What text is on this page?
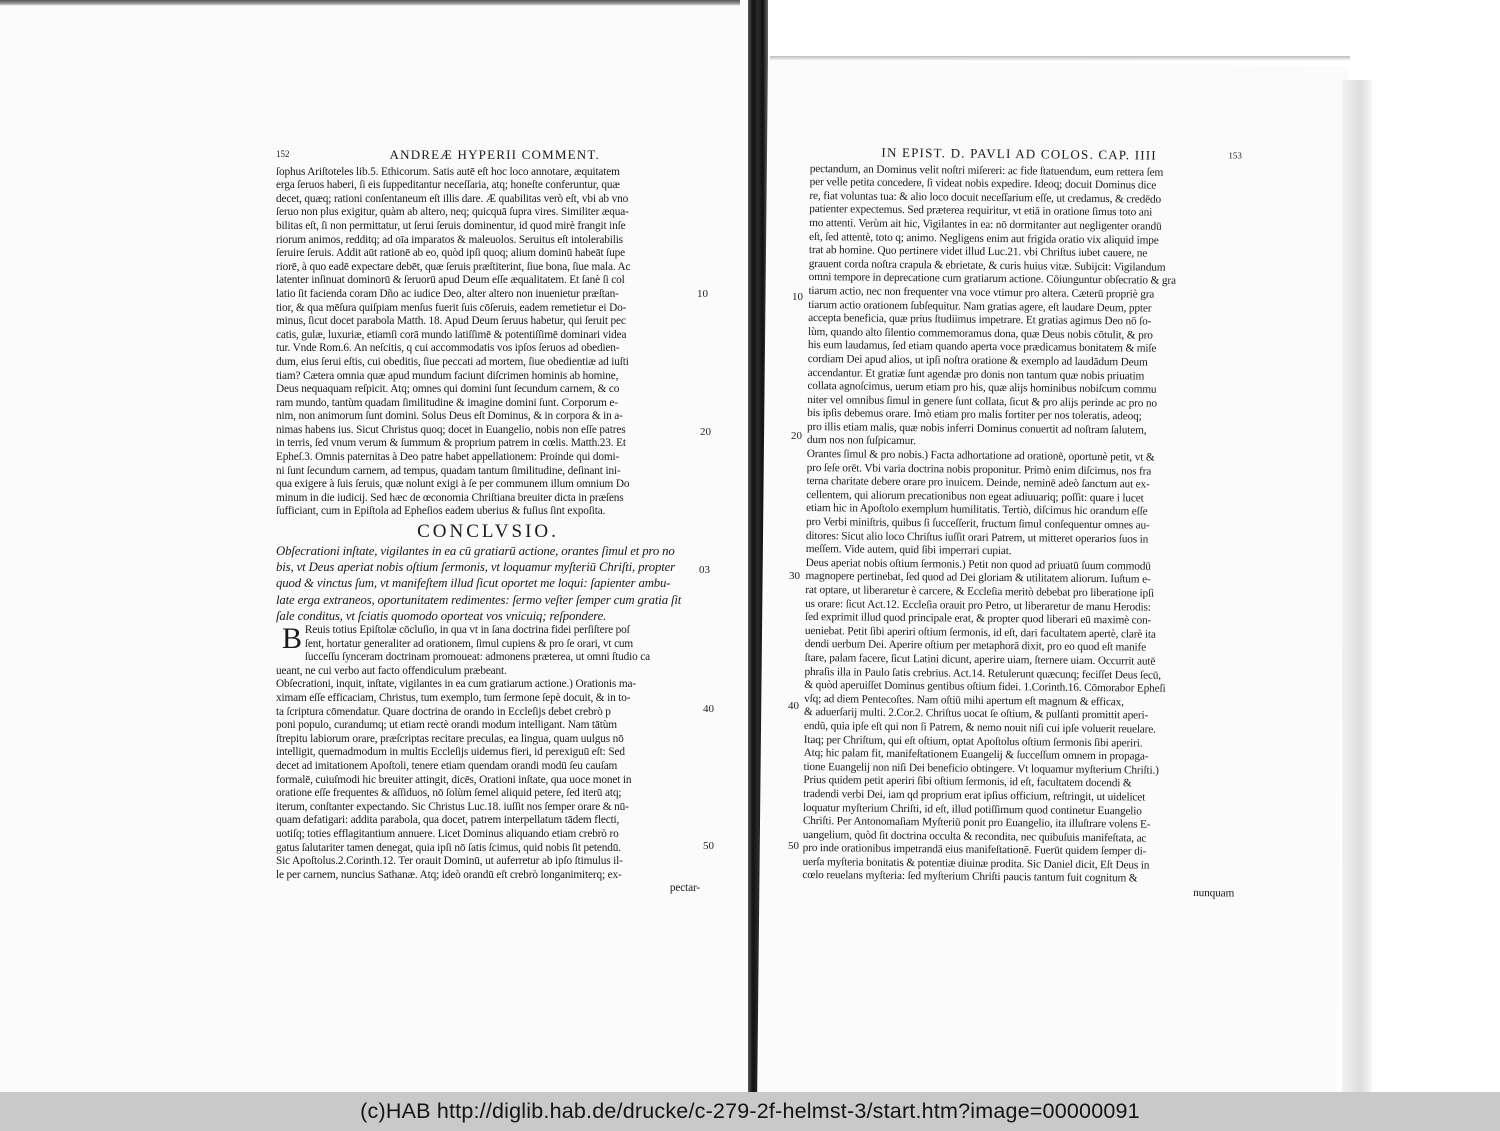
152	ANDREÆ HYPERII COMMENT.
ſophus Ariſtoteles lib.5. Ethicorum. Satis autē eſt hoc loco annotare, æquitatem
erga ſeruos haberi, ſi eis ſuppeditantur neceſſaria, atq; honeſte conferuntur, quæ
decet, quæq; rationi conſentaneum eſt illis dare. Æ quabilitas verò eſt, vbi ab vno
ſeruo non plus exigitur, quàm ab altero, neq; quicquā ſupra vires. Similiter æqua-
bilitas eſt, ſi non permittatur, ut ſerui ſeruis dominentur, id quod mirè frangit inſe
riorum animos, redditq; ad oīa imparatos & maleuolos. Seruitus eſt intolerabilis
ſeruire ſeruis. Addit aūt rationē ab eo, quòd ipſi quoq; alium dominū habeāt ſupe
riorē, à quo eadē expectare debēt, quæ ſeruis præſtiterint, ſiue bona, ſiue mala. Ac
latenter inſinuat dominorū & ſeruorū apud Deum eſſe æqualitatem. Et ſanè ſi col
latio ſit facienda coram Dño ac iudice Deo, alter altero non inuenietur præſtan-
tior, & qua mēſura quiſpiam menſus fuerit ſuis cōſeruis, eadem remetietur ei Do-
minus, ſicut docet parabola Matth. 18. Apud Deum ſeruus habetur, qui ſeruit pec
catis, gulæ, luxuriæ, etiamſi corā mundo latiſſimē & potentiſſimē dominari videa
tur. Vnde Rom.6. An neſcitis, q cui accommodatis vos ipſos ſeruos ad obedien-
dum, eius ſerui eſtis, cui obeditis, ſiue peccati ad mortem, ſiue obedientiæ ad iuſti
tiam? Cætera omnia quæ apud mundum faciunt diſcrimen hominis ab homine,
Deus nequaquam reſpicit. Atq; omnes qui domini ſunt ſecundum carnem, & co
ram mundo, tantùm quadam ſimilitudine & imagine domini ſunt. Corporum e-
nim, non animorum ſunt domini. Solus Deus eſt Dominus, & in corpora & in a-
nimas habens ius. Sicut Christus quoq; docet in Euangelio, nobis non eſſe patres
in terris, ſed vnum verum & ſummum & proprium patrem in cœlis. Matth.23. Et
Epheſ.3. Omnis paternitas à Deo patre habet appellationem: Proinde qui domi-
ni ſunt ſecundum carnem, ad tempus, quadam tantum ſimilitudine, deſinant ini-
qua exigere à ſuis ſeruis, quæ nolunt exigi à ſe per communem illum omnium Do
minum in die iudicij. Sed hæc de œconomia Chriſtiana breuiter dicta in præſens
ſufficiant, cum in Epiſtola ad Epheſios eadem uberius & fuſius ſint expoſita.
CONCLVSIO.
Obſecrationi inſtate, vigilantes in ea cū gratiarū actione, orantes ſimul et pro no
bis, vt Deus aperiat nobis oſtium ſermonis, vt loquamur myſteriū Chriſti, propter
quod & vinctus ſum, vt manifeſtem illud ſicut oportet me loqui: ſapienter ambu-
late erga extraneos, oportunitatem redimentes: ſermo veſter ſemper cum gratia ſit
ſale conditus, vt ſciatis quomodo oporteat vos vnicuiq; reſpondere.
B Reuis totius Epiſtolæ cōcluſio, in qua vt in ſana doctrina fidei perſiſtere poſ
ſent, hortatur generaliter ad orationem, ſimul cupiens & pro ſe orari, vt cum
ſucceſſu ſynceram doctrinam promoueat: admonens præterea, ut omni ſtudio ca
ueant, ne cui verbo aut facto offendiculum præbeant.
Obſecrationi, inquit, inſtate, vigilantes in ea cum gratiarum actione.) Orationis ma-
ximam eſſe efficaciam, Christus, tum exemplo, tum ſermone ſepè docuit, & in to-
ta ſcriptura cōmendatur. Quare doctrina de orando in Eccleſijs debet crebrò p
poni populo, curandumq; ut etiam rectè orandi modum intelligant. Nam tātùm
ſtrepitu labiorum orare, præſcriptas recitare preculas, ea lingua, quam uulgus nō
intelligit, quemadmodum in multis Eccleſijs uidemus fieri, id perexiguū eſt: Sed
decet ad imitationem Apoſtoli, tenere etiam quendam orandi modū ſeu cauſam
formalē, cuiuſmodi hic breuiter attingit, dicēs, Orationi inſtate, qua uoce monet in
oratione eſſe frequentes & aſſiduos, nō ſolùm ſemel aliquid petere, ſed iterū atq;
iterum, conſtanter expectando. Sic Christus Luc.18. iuſſit nos ſemper orare & nū-
quam defatigari: addita parabola, qua docet, patrem interpellatum tādem flecti,
uotiſq; toties efflagitantium annuere. Licet Dominus aliquando etiam crebrò ro
gatus ſalutariter tamen denegat, quia ipſi nō ſatis ſcimus, quid nobis ſit petendū.
Sic Apoſtolus.2.Corinth.12. Ter orauit Dominū, ut auferretur ab ipſo ſtimulus il-
le per carnem, nuncius Sathanæ. Atq; ideò orandū eſt crebrò longanimiterq; ex-
pectar-
10
20
03
40
50
IN EPIST. D. PAVLI AD COLOS. CAP. IIII	153
pectandum, an Dominus velit noſtri miſereri: ac fide ſtatuendum, eum rettera ſem
per velle petita concedere, ſi videat nobis expedire. Ideoq; docuit Dominus dice
re, fiat voluntas tua: & alio loco docuit neceſſarium eſſe, ut credamus, & credēdo
patienter expectemus. Sed præterea requiritur, vt etiā in oratione ſimus toto ani
mo attenti. Verùm ait hic, Vigilantes in ea: nō dormitanter aut negligenter orandū
eſt, ſed attentè, toto q; animo. Negligens enim aut frigida oratio vix aliquid impe
trat ab homine. Quo pertinere videt illud Luc.21. vbi Chriſtus iubet cauere, ne
grauent corda noſtra crapula & ebrietate, & curis huius vitæ. Subijcit: Vigilandum
omni tempore in deprecatione cum gratiarum actione. Cōiunguntur obſecratio & gra
tiarum actio, nec non frequenter vna voce vtimur pro altera. Cæterū propriè gra
tiarum actio orationem ſubſequitur. Nam gratias agere, eſt laudare Deum, ppter
accepta beneficia, quæ prius ſtudiimus impetrare. Et gratias agimus Deo nō ſo-
lùm, quando alto ſilentio commemoramus dona, quæ Deus nobis cōtulit, & pro
his eum laudamus, ſed etiam quando aperta voce prædicamus bonitatem & miſe
cordiam Dei apud alios, ut ipſi noſtra oratione & exemplo ad laudādum Deum
accendantur. Et gratiæ ſunt agendæ pro donis non tantum quæ nobis priuatim
collata agnoſcimus, uerum etiam pro his, quæ alijs hominibus nobiſcum commu
niter vel omnibus ſimul in genere ſunt collata, ſicut & pro alijs perinde ac pro no
bis ipſis debemus orare. Imò etiam pro malis fortiter per nos toleratis, adeoq;
pro illis etiam malis, quæ nobis inferri Dominus conuertit ad noſtram ſalutem,
dum nos non ſuſpicamur.
Orantes ſimul & pro nobis.) Facta adhortatione ad orationē, oportunè petit, vt &
pro ſeſe orēt. Vbi varia doctrina nobis proponitur. Primò enim diſcimus, nos fra
terna charitate debere orare pro inuicem. Deinde, neminē adeò ſanctum aut ex-
cellentem, qui aliorum precationibus non egeat adiuuariq; poſſit: quare i lucet
etiam hic in Apoſtolo exemplum humilitatis. Tertiò, diſcimus hic orandum eſſe
pro Verbi miniſtris, quibus ſi ſucceſſerit, fructum ſimul conſequentur omnes au-
ditores: Sicut alio loco Chriſtus iuſſit orari Patrem, ut mitteret operarios ſuos in
meſſem. Vide autem, quid ſibi imperrari cupiat.
Deus aperiat nobis oſtium ſermonis.) Petit non quod ad priuatū ſuum commodū
magnopere pertinebat, ſed quod ad Dei gloriam & utilitatem aliorum. Iuſtum e-
rat optare, ut liberaretur è carcere, & Eccleſia meritò debebat pro liberatione ipſi
us orare: ſicut Act.12. Eccleſia orauit pro Petro, ut liberaretur de manu Herodis:
ſed exprimit illud quod principale erat, & propter quod liberari eū maximè con-
ueniebat. Petit ſibi aperiri oſtium ſermonis, id eſt, dari facultatem apertè, clarè ita
dendi uerbum Dei. Aperire oſtium per metaphorā dixit, pro eo quod eſt manife
ſtare, palam facere, ſicut Latini dicunt, aperire uiam, ſternere uiam. Occurrit autē
phraſis illa in Paulo ſatis crebrius. Act.14. Retulerunt quæcunq; feciſſet Deus ſecū,
& quòd aperuiſſet Dominus gentibus oſtium fidei. 1.Corinth.16. Cōmorabor Epheſi
vſq; ad diem Pentecoſtes. Nam oſtiū mihi apertum eſt magnum & efficax,
& aduerſarij multi. 2.Cor.2. Chriſtus uocat ſe oſtium, & pulſanti promittit aperi-
endū, quia ipſe eſt qui non ſi Patrem, & nemo nouit niſi cui ipſe voluerit reuelare.
Itaq; per Chriſtum, qui eſt oſtium, optat Apoſtolus oſtium ſermonis ſibi aperiri.
Atq; hic palam fit, manifeſtationem Euangelij & ſucceſſum omnem in propaga-
tione Euangelij non niſi Dei beneficio obtingere. Vt loquamur myſterium Chriſti.)
Prius quidem petit aperiri ſibi oſtium ſermonis, id eſt, facultatem docendi &
tradendi verbi Dei, iam qd proprium erat ipſius officium, reſtringit, ut uidelicet
loquatur myſterium Chriſti, id eſt, illud potiſſimum quod continetur Euangelio
Chriſti. Per Antonomaſiam Myſteriū ponit pro Euangelio, ita illuſtrare volens E-
uangelium, quòd ſit doctrina occulta & recondita, nec quibuſuis manifeſtata, ac
pro inde orationibus impetrandā eius manifeſtationē. Fuerūt quidem ſemper di-
uerſa myſteria bonitatis & potentiæ diuinæ prodita. Sic Daniel dicit, Eſt Deus in
cœlo reuelans myſteria: ſed myſterium Chriſti paucis tantum fuit cognitum &
nunquam
10
20
30
40
50
(c)HAB http://diglib.hab.de/drucke/c-279-2f-helmst-3/start.htm?image=00000091
